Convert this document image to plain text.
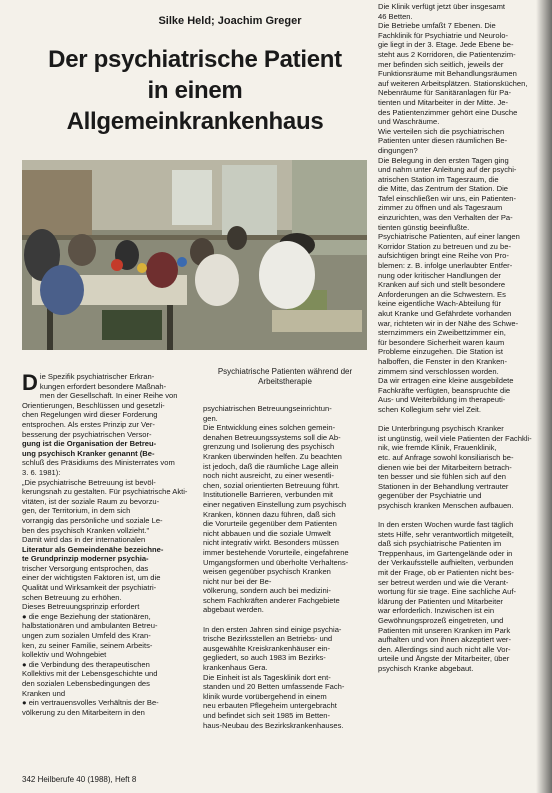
Silke Held; Joachim Greger
Der psychiatrische Patient
in einem
Allgemeinkrankenhaus
Psychiatrische Patienten während der
Arbeitstherapie
D ie Spezifik psychiatrischer Erkran-
kungen erfordert besondere Maßnah-
men der Gesellschaft. In einer Reihe von
Orientierungen, Beschlüssen und gesetzli-
chen Regelungen wird dieser Forderung
entsprochen. Als erstes Prinzip zur Ver-
besserung der psychiatrischen Versor-
gung ist die Organisation der Betreu-
ung psychisch Kranker genannt (Be-
schluß des Präsidiums des Ministerrates vom
3. 6. 1981):
„Die psychiatrische Betreuung ist bevöl-
kerungsnah zu gestalten. Für psychiatrische Akti-
vitäten, ist der soziale Raum zu bevorzu-
gen, der Territorium, in dem sich
vorrangig das persönliche und soziale Le-
ben des psychisch Kranken vollzieht."
Damit wird das in der internationalen
Literatur als Gemeindenähe bezeichne-
te Grundprinzip moderner psychia-
trischer Versorgung entsprochen, das
einer der wichtigsten Faktoren ist, um die
Qualität und Wirksamkeit der psychiatri-
schen Betreuung zu erhöhen.
Dieses Betreuungsprinzip erfordert
● die enge Beziehung der stationären,
halbstationären und ambulanten Betreu-
ungen zum sozialen Umfeld des Kran-
ken, zu seiner Familie, seinem Arbeits-
kollektiv und Wohngebiet
● die Verbindung des therapeutischen
Kollektivs mit der Lebensgeschichte und
den sozialen Lebensbedingungen des
Kranken und
● ein vertrauensvolles Verhältnis der Be-
völkerung zu den Mitarbeitern in den
psychiatrischen Betreuungseinrichtun-
gen.
Die Entwicklung eines solchen gemein-
denahen Betreuungssystems soll die Ab-
grenzung und Isolierung des psychisch
Kranken überwinden helfen. Zu beachten
ist jedoch, daß die räumliche Lage allein
noch nicht ausreicht, zu einer wesentli-
chen, sozial orientierten Betreuung führt.
Institutionelle Barrieren, verbunden mit
einer negativen Einstellung zum psychisch
Kranken, können dazu führen, daß sich
die Vorurteile gegenüber dem Patienten
nicht abbauen und die soziale Umwelt
nicht integrativ wirkt. Besonders müssen
immer bestehende Vorurteile, eingefahrene
Umgangsformen und überholte Verhaltens-
weisen gegenüber psychisch Kranken
nicht nur bei der Be-
völkerung, sondern auch bei medizini-
schem Fachkräften anderer Fachgebiete
abgebaut werden.

In den ersten Jahren sind einige psychia-
trische Bezirksstellen an Betriebs- und
ausgewählte Kreiskrankenhäuser ein-
gegliedert, so auch 1983 im Bezirks-
krankenhaus Gera.
Die Einheit ist als Tagesklinik dort ent-
standen und 20 Betten umfassende Fach-
klinik wurde vorübergehend in einem
neu erbauten Pflegeheim untergebracht
und befindet sich seit 1985 im Betten-
haus-Neubau des Bezirkskrankenhauses.
Die Klinik verfügt jetzt über insgesamt
46 Betten.
Die Betriebe umfaßt 7 Ebenen. Die
Fachklinik für Psychiatrie und Neurolo-
gie liegt in der 3. Etage. Jede Ebene be-
steht aus 2 Korridoren, die Patientenzim-
mer befinden sich seitlich, jeweils der
Funktionsräume mit Behandlungsräumen
auf weiteren Arbeitsplätzen. Stationsküchen,
Nebenräume für Sanitäranlagen für Pa-
tienten und Mitarbeiter in der Mitte. Je-
des Patientenzimmer gehört eine Dusche
und Waschräume.
Wie verteilen sich die psychiatrischen
Patienten unter diesen räumlichen Be-
dingungen?
Die Belegung in den ersten Tagen ging
und nahm unter Anleitung auf der psychi-
atrischen Station im Tagesraum, die
die Mitte, das Zentrum der Station. Die
Tafel einschließen wir uns, ein Patienten-
zimmer zu öffnen und als Tagesraum
einzurichten, was den Verhalten der Pa-
tienten günstig beeinflußte.
Psychiatrische Patienten, auf einer langen
Korridor Station zu betreuen und zu be-
aufsichtigen bringt eine Reihe von Pro-
blemen: z. B. infolge unerlaubter Entfer-
nung oder kritischer Handlungen der
Kranken auf sich und stellt besondere
Anforderungen an die Schwestern. Es
keine eigentliche Wach-Abteilung für
akut Kranke und Gefährdete vorhanden
war, richteten wir in der Nähe des Schwe-
sternzimmers ein Zweibettzimmer ein,
für besondere Sicherheit waren kaum
Probleme einzugehen. Die Station ist
halboffen, die Fenster in den Kranken-
zimmern sind verschlossen worden.
Da wir ertragen eine kleine ausgebildete
Fachkräfte verfügten, beanspruchte die
Aus- und Weiterbildung im therapeuti-
schen Kollegium sehr viel Zeit.

Die Unterbringung psychisch Kranker
ist ungünstig, weil viele Patienten der Fachkli-
nik, wie fremde Klinik, Frauenklinik,
etc. auf Anfrage sowohl konsiliarisch be-
dienen wie bei der Mitarbeitern betrach-
ten besser und sie fühlen sich auf den
Stationen in der Behandlung vertrauter
gegenüber der Psychiatrie und
psychisch kranken Menschen aufbauen.

In den ersten Wochen wurde fast täglich
stets Hilfe, sehr verantwortlich mitgeteilt,
daß sich psychiatrische Patienten im
Treppenhaus, im Gartengelände oder in
der Verkaufsstelle aufhielten, verbunden
mit der Frage, ob er Patienten nicht bes-
ser betreut werden und wie die Verant-
wortung für sie trage. Eine sachliche Auf-
klärung der Patienten und Mitarbeiter
war erforderlich. Inzwischen ist ein
Gewöhnungsprozeß eingetreten, und
Patienten mit unseren Kranken im Park
aufhalten und von ihnen akzeptiert wer-
den. Allerdings sind auch nicht alle Vor-
urteile und Ängste der Mitarbeiter, über
psychisch Kranke abgebaut.
342 Heilberufe 40 (1988), Heft 8
